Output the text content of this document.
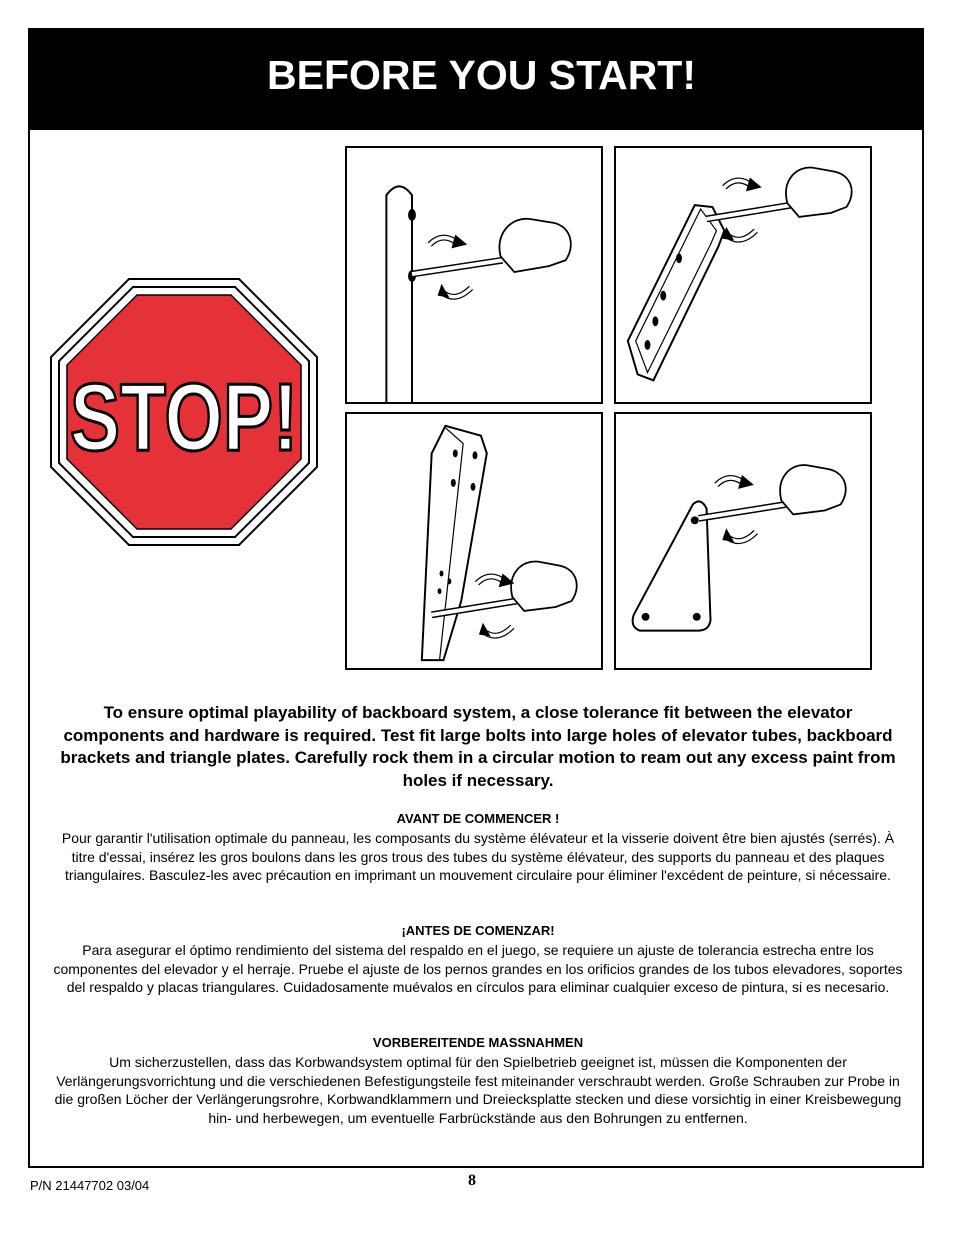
BEFORE YOU START!
STOP!
To ensure optimal playability of backboard system, a close tolerance fit between the elevator components and hardware is required. Test fit large bolts into large holes of elevator tubes, backboard brackets and triangle plates. Carefully rock them in a circular motion to ream out any excess paint from holes if necessary.
AVANT DE COMMENCER !
Pour garantir l'utilisation optimale du panneau, les composants du système élévateur et la visserie doivent être bien ajustés (serrés). À titre d'essai, insérez les gros boulons dans les gros trous des tubes du système élévateur, des supports du panneau et des plaques triangulaires. Basculez-les avec précaution en imprimant un mouvement circulaire pour éliminer l'excédent de peinture, si nécessaire.
¡ANTES DE COMENZAR!
Para asegurar el óptimo rendimiento del sistema del respaldo en el juego, se requiere un ajuste de tolerancia estrecha entre los componentes del elevador y el herraje. Pruebe el ajuste de los pernos grandes en los orificios grandes de los tubos elevadores, soportes del respaldo y placas triangulares. Cuidadosamente muévalos en círculos para eliminar cualquier exceso de pintura, si es necesario.
VORBEREITENDE MASSNAHMEN
Um sicherzustellen, dass das Korbwandsystem optimal für den Spielbetrieb geeignet ist, müssen die Komponenten der Verlängerungsvorrichtung und die verschiedenen Befestigungsteile fest miteinander verschraubt werden. Große Schrauben zur Probe in die großen Löcher der Verlängerungsrohre, Korbwandklammern und Dreiecksplatte stecken und diese vorsichtig in einer Kreisbewegung hin- und herbewegen, um eventuelle Farbrückstände aus den Bohrungen zu entfernen.
P/N 21447702 03/04	8
